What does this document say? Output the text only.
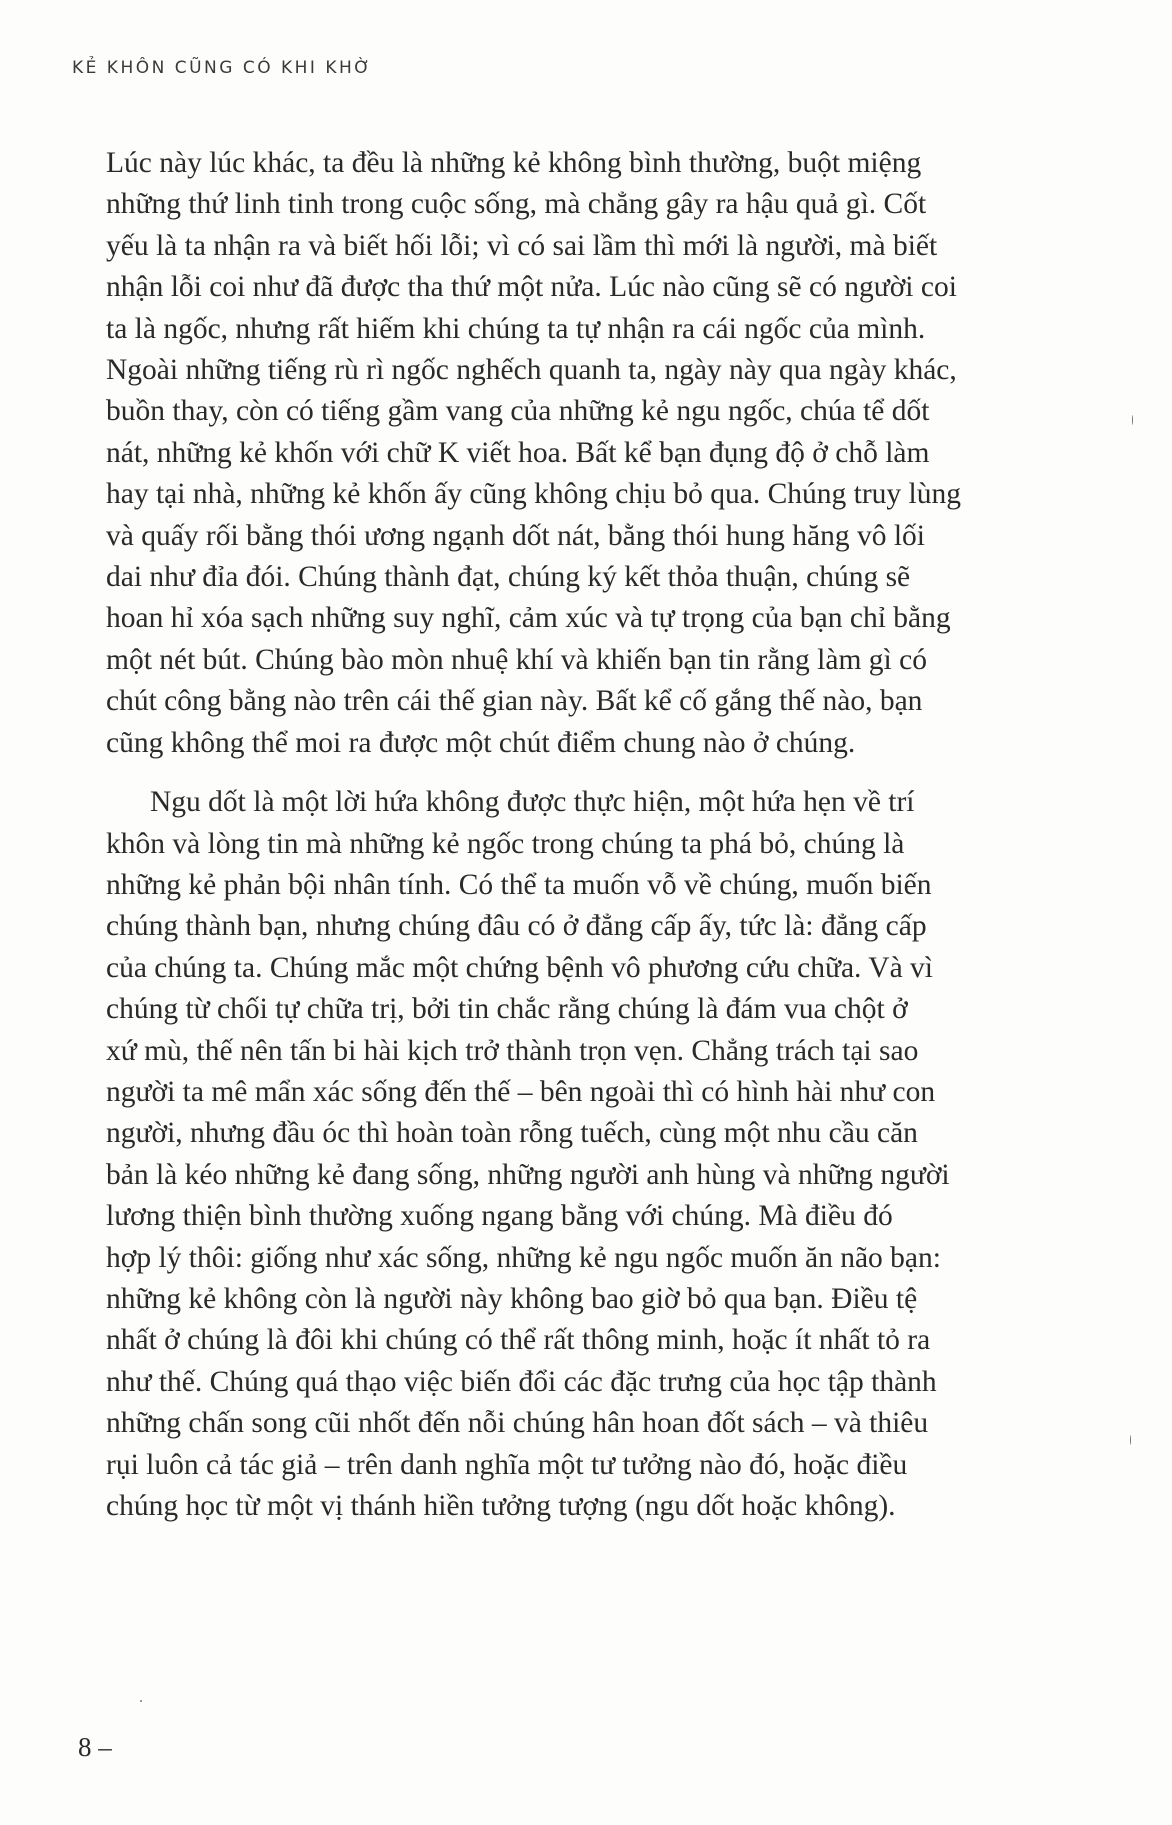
KẺ KHÔN CŨNG CÓ KHI KHỜ

Lúc này lúc khác, ta đều là những kẻ không bình thường, buột miệng
những thứ linh tinh trong cuộc sống, mà chẳng gây ra hậu quả gì. Cốt
yếu là ta nhận ra và biết hối lỗi; vì có sai lầm thì mới là người, mà biết
nhận lỗi coi như đã được tha thứ một nửa. Lúc nào cũng sẽ có người coi
ta là ngốc, nhưng rất hiếm khi chúng ta tự nhận ra cái ngốc của mình.
Ngoài những tiếng rù rì ngốc nghếch quanh ta, ngày này qua ngày khác,
buồn thay, còn có tiếng gầm vang của những kẻ ngu ngốc, chúa tể dốt
nát, những kẻ khốn với chữ K viết hoa. Bất kể bạn đụng độ ở chỗ làm
hay tại nhà, những kẻ khốn ấy cũng không chịu bỏ qua. Chúng truy lùng
và quấy rối bằng thói ương ngạnh dốt nát, bằng thói hung hăng vô lối
dai như đỉa đói. Chúng thành đạt, chúng ký kết thỏa thuận, chúng sẽ
hoan hỉ xóa sạch những suy nghĩ, cảm xúc và tự trọng của bạn chỉ bằng
một nét bút. Chúng bào mòn nhuệ khí và khiến bạn tin rằng làm gì có
chút công bằng nào trên cái thế gian này. Bất kể cố gắng thế nào, bạn
cũng không thể moi ra được một chút điểm chung nào ở chúng.

Ngu dốt là một lời hứa không được thực hiện, một hứa hẹn về trí
khôn và lòng tin mà những kẻ ngốc trong chúng ta phá bỏ, chúng là
những kẻ phản bội nhân tính. Có thể ta muốn vỗ về chúng, muốn biến
chúng thành bạn, nhưng chúng đâu có ở đẳng cấp ấy, tức là: đẳng cấp
của chúng ta. Chúng mắc một chứng bệnh vô phương cứu chữa. Và vì
chúng từ chối tự chữa trị, bởi tin chắc rằng chúng là đám vua chột ở
xứ mù, thế nên tấn bi hài kịch trở thành trọn vẹn. Chẳng trách tại sao
người ta mê mẩn xác sống đến thế – bên ngoài thì có hình hài như con
người, nhưng đầu óc thì hoàn toàn rỗng tuếch, cùng một nhu cầu căn
bản là kéo những kẻ đang sống, những người anh hùng và những người
lương thiện bình thường xuống ngang bằng với chúng. Mà điều đó
hợp lý thôi: giống như xác sống, những kẻ ngu ngốc muốn ăn não bạn:
những kẻ không còn là người này không bao giờ bỏ qua bạn. Điều tệ
nhất ở chúng là đôi khi chúng có thể rất thông minh, hoặc ít nhất tỏ ra
như thế. Chúng quá thạo việc biến đổi các đặc trưng của học tập thành
những chấn song cũi nhốt đến nỗi chúng hân hoan đốt sách – và thiêu
rụi luôn cả tác giả – trên danh nghĩa một tư tưởng nào đó, hoặc điều
chúng học từ một vị thánh hiền tưởng tượng (ngu dốt hoặc không).

8 –
